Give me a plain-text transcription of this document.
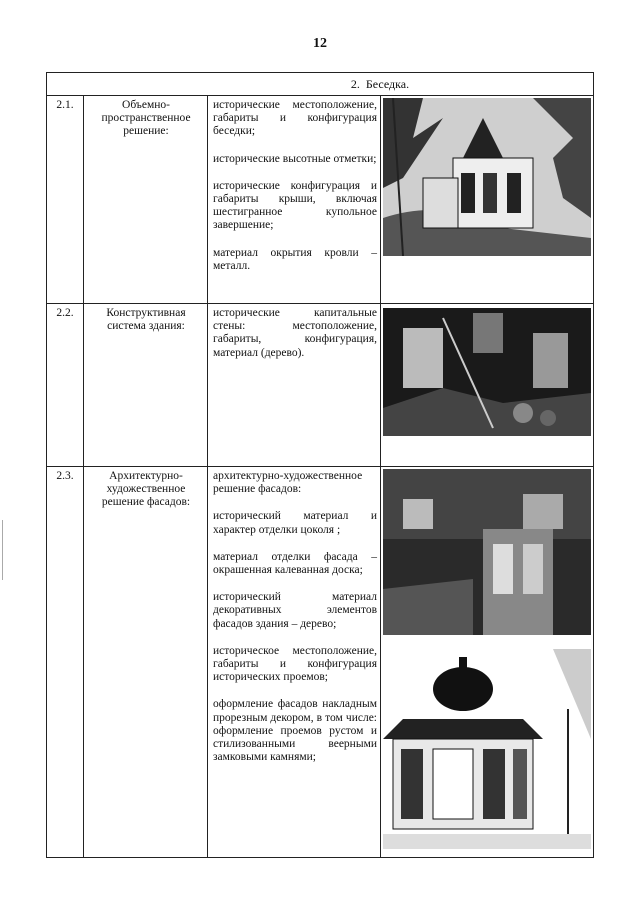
12
2. Беседка.
2.1.	Объемно-пространственное решение:

исторические местоположение, габариты и конфигурация беседки;

исторические высотные отметки;

исторические конфигурация и габариты крыши, включая шестигранное купольное завершение;

материал окрытия кровли – металл.

2.2.	Конструктивная система здания:

исторические капитальные стены: местоположение, габариты, конфигурация, материал (дерево).

2.3.	Архитектурно-художественное решение фасадов:

архитектурно-художественное решение фасадов:

исторический материал и характер отделки цоколя ;

материал отделки фасада – окрашенная калеванная доска;

исторический материал декоративных элементов фасадов здания – дерево;

историческое местоположение, габариты и конфигурация исторических проемов;

оформление фасадов накладным прорезным декором, в том числе: оформление проемов рустом и стилизованными веерными замковыми камнями;
